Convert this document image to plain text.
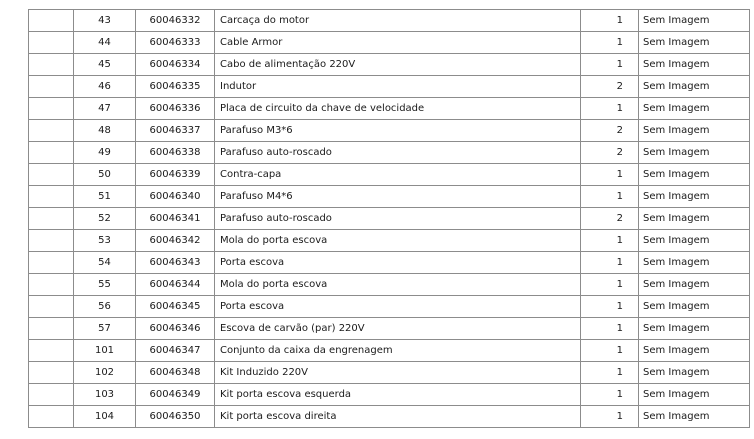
	43	60046332	Carcaça do motor	1	Sem Imagem
	44	60046333	Cable Armor	1	Sem Imagem
	45	60046334	Cabo de alimentação 220V	1	Sem Imagem
	46	60046335	Indutor	2	Sem Imagem
	47	60046336	Placa de circuito da chave de velocidade	1	Sem Imagem
	48	60046337	Parafuso M3*6	2	Sem Imagem
	49	60046338	Parafuso auto-roscado	2	Sem Imagem
	50	60046339	Contra-capa	1	Sem Imagem
	51	60046340	Parafuso M4*6	1	Sem Imagem
	52	60046341	Parafuso auto-roscado	2	Sem Imagem
	53	60046342	Mola do porta escova	1	Sem Imagem
	54	60046343	Porta escova	1	Sem Imagem
	55	60046344	Mola do porta escova	1	Sem Imagem
	56	60046345	Porta escova	1	Sem Imagem
	57	60046346	Escova de carvão (par) 220V	1	Sem Imagem
	101	60046347	Conjunto da caixa da engrenagem	1	Sem Imagem
	102	60046348	Kit Induzido 220V	1	Sem Imagem
	103	60046349	Kit porta escova esquerda	1	Sem Imagem
	104	60046350	Kit porta escova direita	1	Sem Imagem
